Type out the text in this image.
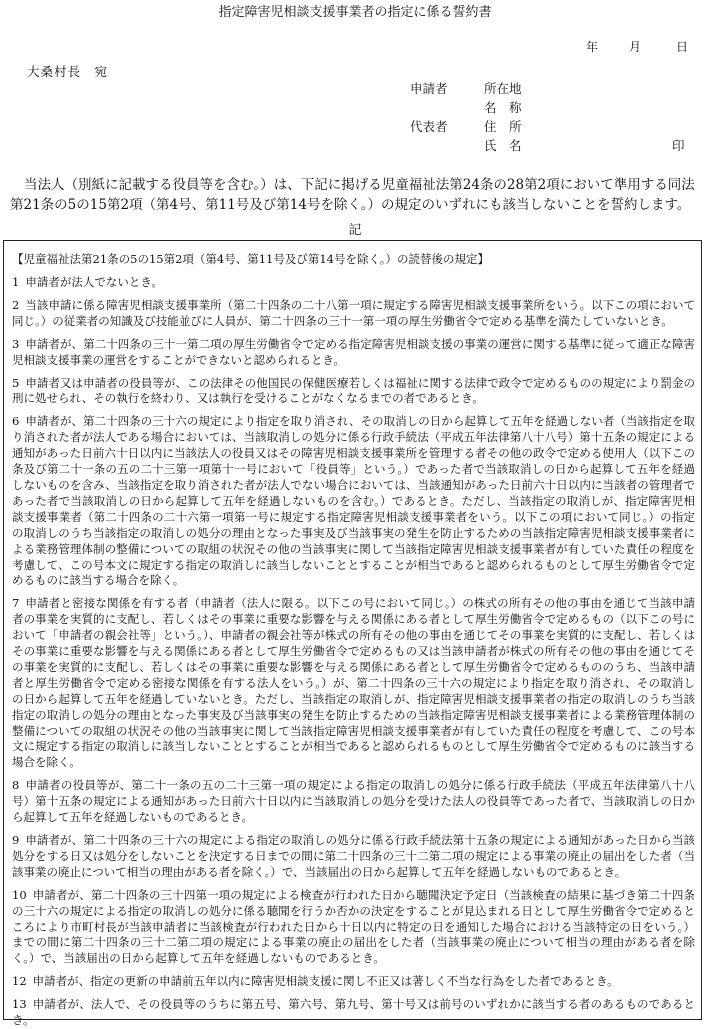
指定障害児相談支援事業者の指定に係る誓約書
年	月	日
大桑村長　宛
申請者	所在地
名　称
代表者	住　所
氏　名	印
当法人（別紙に記載する役員等を含む。）は、下記に掲げる児童福祉法第24条の28第2項において準用する同法第21条の5の15第2項（第4号、第11号及び第14号を除く。）の規定のいずれにも該当しないことを誓約します。
記
【児童福祉法第21条の5の15第2項（第4号、第11号及び第14号を除く。）の読替後の規定】
1 申請者が法人でないとき。
2 当該申請に係る障害児相談支援事業所（第二十四条の二十八第一項に規定する障害児相談支援事業所をいう。以下この項において同じ。）の従業者の知識及び技能並びに人員が、第二十四条の三十一第一項の厚生労働省令で定める基準を満たしていないとき。
3 申請者が、第二十四条の三十一第二項の厚生労働省令で定める指定障害児相談支援の事業の運営に関する基準に従って適正な障害児相談支援事業の運営をすることができないと認められるとき。
5 申請者又は申請者の役員等が、この法律その他国民の保健医療若しくは福祉に関する法律で政令で定めるものの規定により罰金の刑に処せられ、その執行を終わり、又は執行を受けることがなくなるまでの者であるとき。
6 申請者が、第二十四条の三十六の規定により指定を取り消され、その取消しの日から起算して五年を経過しない者（当該指定を取り消された者が法人である場合においては、当該取消しの処分に係る行政手続法（平成五年法律第八十八号）第十五条の規定による通知があった日前六十日以内に当該法人の役員又はその障害児相談支援事業所を管理する者その他の政令で定める使用人（以下この条及び第二十一条の五の二十三第一項第十一号において「役員等」という。）であった者で当該取消しの日から起算して五年を経過しないものを含み、当該指定を取り消された者が法人でない場合においては、当該通知があった日前六十日以内に当該者の管理者であった者で当該取消しの日から起算して五年を経過しないものを含む。）であるとき。ただし、当該指定の取消しが、指定障害児相談支援事業者（第二十四条の二十六第一項第一号に規定する指定障害児相談支援事業者をいう。以下この項において同じ。）の指定の取消しのうち当該指定の取消しの処分の理由となった事実及び当該事実の発生を防止するための当該指定障害児相談支援事業者による業務管理体制の整備についての取組の状況その他の当該事実に関して当該指定障害児相談支援事業者が有していた責任の程度を考慮して、この号本文に規定する指定の取消しに該当しないこととすることが相当であると認められるものとして厚生労働省令で定めるものに該当する場合を除く。
7 申請者と密接な関係を有する者（申請者（法人に限る。以下この号において同じ。）の株式の所有その他の事由を通じて当該申請者の事業を実質的に支配し、若しくはその事業に重要な影響を与える関係にある者として厚生労働省令で定めるもの（以下この号において「申請者の親会社等」という。）、申請者の親会社等が株式の所有その他の事由を通じてその事業を実質的に支配し、若しくはその事業に重要な影響を与える関係にある者として厚生労働省令で定めるもの又は当該申請者が株式の所有その他の事由を通じてその事業を実質的に支配し、若しくはその事業に重要な影響を与える関係にある者として厚生労働省令で定めるもののうち、当該申請者と厚生労働省令で定める密接な関係を有する法人をいう。）が、第二十四条の三十六の規定により指定を取り消され、その取消しの日から起算して五年を経過していないとき。ただし、当該指定の取消しが、指定障害児相談支援事業者の指定の取消しのうち当該指定の取消しの処分の理由となった事実及び当該事実の発生を防止するための当該指定障害児相談支援事業者による業務管理体制の整備についての取組の状況その他の当該事実に関して当該指定障害児相談支援事業者が有していた責任の程度を考慮して、この号本文に規定する指定の取消しに該当しないこととすることが相当であると認められるものとして厚生労働省令で定めるものに該当する場合を除く。
8 申請者の役員等が、第二十一条の五の二十三第一項の規定による指定の取消しの処分に係る行政手続法（平成五年法律第八十八号）第十五条の規定による通知があった日前六十日以内に当該取消しの処分を受けた法人の役員等であった者で、当該取消しの日から起算して五年を経過しないものであるとき。
9 申請者が、第二十四条の三十六の規定による指定の取消しの処分に係る行政手続法第十五条の規定による通知があった日から当該処分をする日又は処分をしないことを決定する日までの間に第二十四条の三十二第二項の規定による事業の廃止の届出をした者（当該事業の廃止について相当の理由がある者を除く。）で、当該届出の日から起算して五年を経過しないものであるとき。
10 申請者が、第二十四条の三十四第一項の規定による検査が行われた日から聴聞決定予定日（当該検査の結果に基づき第二十四条の三十六の規定による指定の取消しの処分に係る聴聞を行うか否かの決定をすることが見込まれる日として厚生労働省令で定めるところにより市町村長が当該申請者に当該検査が行われた日から十日以内に特定の日を通知した場合における当該特定の日をいう。）までの間に第二十四条の三十二第二項の規定による事業の廃止の届出をした者（当該事業の廃止について相当の理由がある者を除く。）で、当該届出の日から起算して五年を経過しないものであるとき。
12 申請者が、指定の更新の申請前五年以内に障害児相談支援に関し不正又は著しく不当な行為をした者であるとき。
13 申請者が、法人で、その役員等のうちに第五号、第六号、第九号、第十号又は前号のいずれかに該当する者のあるものであるとき。
